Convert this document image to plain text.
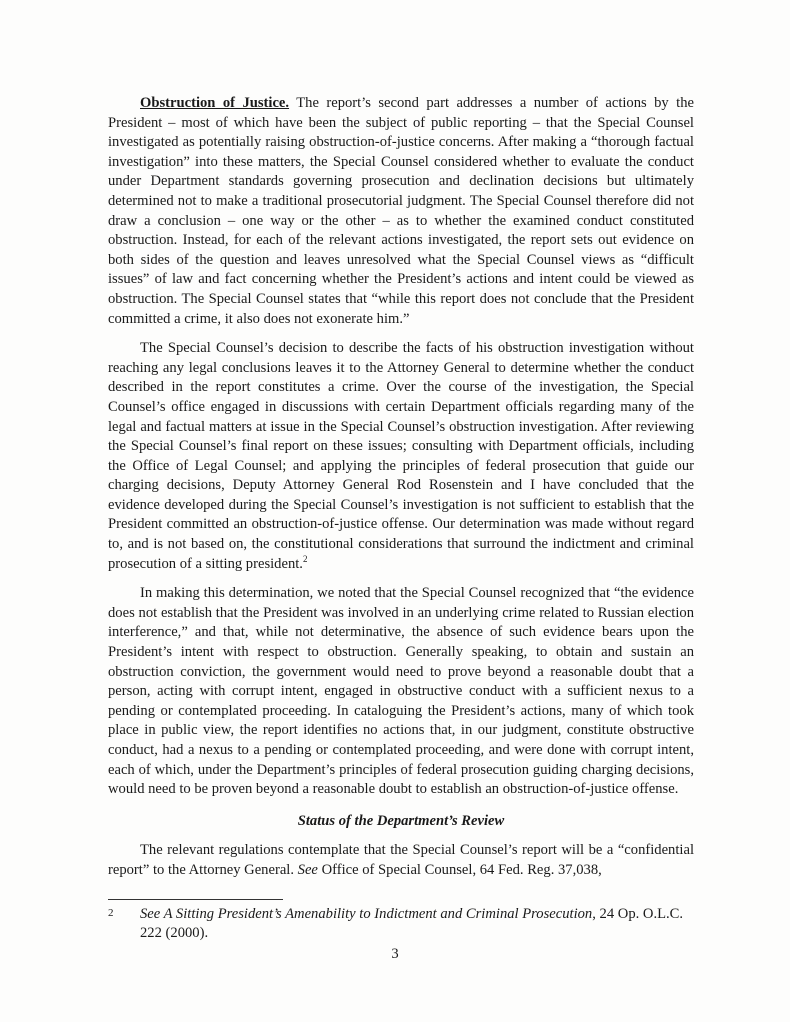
Obstruction of Justice. The report’s second part addresses a number of actions by the President – most of which have been the subject of public reporting – that the Special Counsel investigated as potentially raising obstruction-of-justice concerns. After making a “thorough factual investigation” into these matters, the Special Counsel considered whether to evaluate the conduct under Department standards governing prosecution and declination decisions but ultimately determined not to make a traditional prosecutorial judgment. The Special Counsel therefore did not draw a conclusion – one way or the other – as to whether the examined conduct constituted obstruction. Instead, for each of the relevant actions investigated, the report sets out evidence on both sides of the question and leaves unresolved what the Special Counsel views as “difficult issues” of law and fact concerning whether the President’s actions and intent could be viewed as obstruction. The Special Counsel states that “while this report does not conclude that the President committed a crime, it also does not exonerate him.”

The Special Counsel’s decision to describe the facts of his obstruction investigation without reaching any legal conclusions leaves it to the Attorney General to determine whether the conduct described in the report constitutes a crime. Over the course of the investigation, the Special Counsel’s office engaged in discussions with certain Department officials regarding many of the legal and factual matters at issue in the Special Counsel’s obstruction investigation. After reviewing the Special Counsel’s final report on these issues; consulting with Department officials, including the Office of Legal Counsel; and applying the principles of federal prosecution that guide our charging decisions, Deputy Attorney General Rod Rosenstein and I have concluded that the evidence developed during the Special Counsel’s investigation is not sufficient to establish that the President committed an obstruction-of-justice offense. Our determination was made without regard to, and is not based on, the constitutional considerations that surround the indictment and criminal prosecution of a sitting president.$^2$

In making this determination, we noted that the Special Counsel recognized that “the evidence does not establish that the President was involved in an underlying crime related to Russian election interference,” and that, while not determinative, the absence of such evidence bears upon the President’s intent with respect to obstruction. Generally speaking, to obtain and sustain an obstruction conviction, the government would need to prove beyond a reasonable doubt that a person, acting with corrupt intent, engaged in obstructive conduct with a sufficient nexus to a pending or contemplated proceeding. In cataloguing the President’s actions, many of which took place in public view, the report identifies no actions that, in our judgment, constitute obstructive conduct, had a nexus to a pending or contemplated proceeding, and were done with corrupt intent, each of which, under the Department’s principles of federal prosecution guiding charging decisions, would need to be proven beyond a reasonable doubt to establish an obstruction-of-justice offense.

Status of the Department’s Review

The relevant regulations contemplate that the Special Counsel’s report will be a “confidential report” to the Attorney General. See Office of Special Counsel, 64 Fed. Reg. 37,038,

2	See A Sitting President’s Amenability to Indictment and Criminal Prosecution, 24 Op. O.L.C. 222 (2000).
3
